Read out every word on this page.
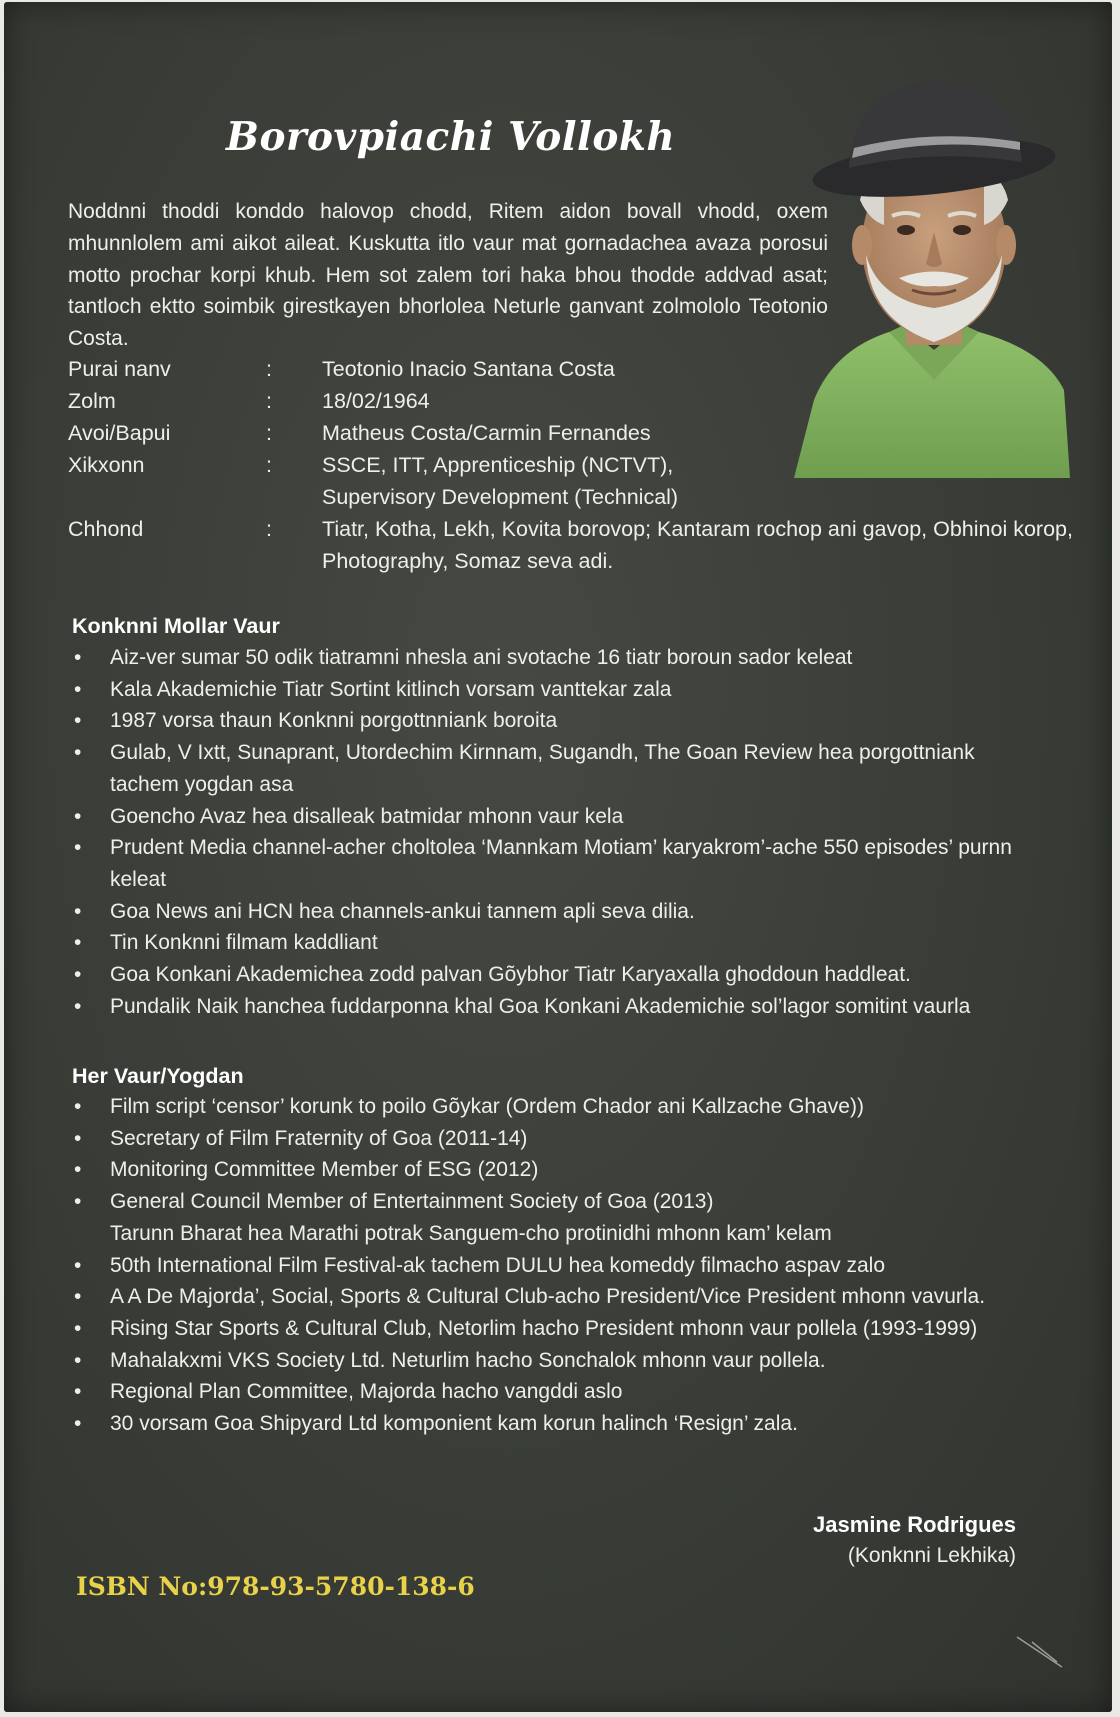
Borovpiachi Vollokh

Noddnni thoddi konddo halovop chodd, Ritem aidon bovall vhodd, oxem mhunnlolem ami aikot aileat. Kuskutta itlo vaur mat gornadachea avaza porosui motto prochar korpi khub. Hem sot zalem tori haka bhou thodde addvad asat; tantloch ektto soimbik girestkayen bhorlolea Neturle ganvant zolmololo Teotonio Costa.

Purai nanv	: Teotonio Inacio Santana Costa
Zolm	: 18/02/1964
Avoi/Bapui	: Matheus Costa/Carmin Fernandes
Xikxonn	: SSCE, ITT, Apprenticeship (NCTVT),
Supervisory Development (Technical)
Chhond	: Tiatr, Kotha, Lekh, Kovita borovop; Kantaram rochop ani gavop, Obhinoi korop, Photography, Somaz seva adi.
Konknni Mollar Vaur
• Aiz-ver sumar 50 odik tiatramni nhesla ani svotache 16 tiatr boroun sador keleat
• Kala Akademichie Tiatr Sortint kitlinch vorsam vanttekar zala
• 1987 vorsa thaun Konknni porgottnniank boroita
• Gulab, V Ixtt, Sunaprant, Utordechim Kirnnam, Sugandh, The Goan Review hea porgottniank tachem yogdan asa
• Goencho Avaz hea disalleak batmidar mhonn vaur kela
• Prudent Media channel-acher choltolea ‘Mannkam Motiam’ karyakrom’-ache 550 episodes’ purnn keleat
• Goa News ani HCN hea channels-ankui tannem apli seva dilia.
• Tin Konknni filmam kaddliant
• Goa Konkani Akademichea zodd palvan Gõybhor Tiatr Karyaxalla ghoddoun haddleat.
• Pundalik Naik hanchea fuddarponna khal Goa Konkani Akademichie sol’lagor somitint vaurla
Her Vaur/Yogdan
• Film script ‘censor’ korunk to poilo Gõykar (Ordem Chador ani Kallzache Ghave))
• Secretary of Film Fraternity of Goa (2011-14)
• Monitoring Committee Member of ESG (2012)
• General Council Member of Entertainment Society of Goa (2013)
Tarunn Bharat hea Marathi potrak Sanguem-cho protinidhi mhonn kam’ kelam
• 50th International Film Festival-ak tachem DULU hea komeddy filmacho aspav zalo
• A A De Majorda’, Social, Sports & Cultural Club-acho President/Vice President mhonn vavurla.
• Rising Star Sports & Cultural Club, Netorlim hacho President mhonn vaur pollela (1993-1999)
• Mahalakxmi VKS Society Ltd. Neturlim hacho Sonchalok mhonn vaur pollela.
• Regional Plan Committee, Majorda hacho vangddi aslo
• 30 vorsam Goa Shipyard Ltd komponient kam korun halinch ‘Resign’ zala.
Jasmine Rodrigues
(Konknni Lekhika)
ISBN No:978-93-5780-138-6
